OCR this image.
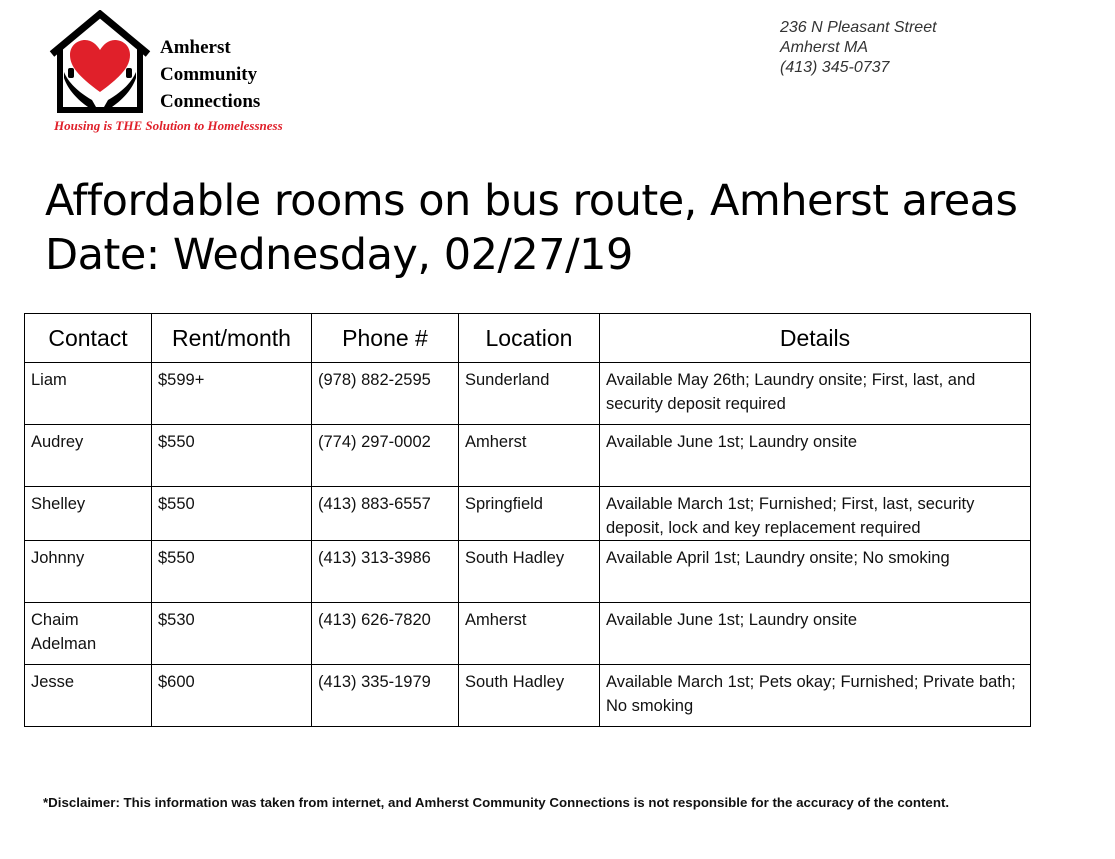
Amherst
Community
Connections
Housing is THE Solution to Homelessness
236 N Pleasant Street
Amherst MA
(413) 345-0737
Affordable rooms on bus route, Amherst areas
Date: Wednesday, 02/27/19
Contact	Rent/month	Phone #	Location	Details
Liam	$599+	(978) 882-2595	Sunderland	Available May 26th; Laundry onsite; First, last, and security deposit required
Audrey	$550	(774) 297-0002	Amherst	Available June 1st; Laundry onsite
Shelley	$550	(413) 883-6557	Springfield	Available March 1st; Furnished; First, last, security deposit, lock and key replacement required
Johnny	$550	(413) 313-3986	South Hadley	Available April 1st; Laundry onsite; No smoking
Chaim Adelman	$530	(413) 626-7820	Amherst	Available June 1st; Laundry onsite
Jesse	$600	(413) 335-1979	South Hadley	Available March 1st; Pets okay; Furnished; Private bath; No smoking
*Disclaimer: This information was taken from internet, and Amherst Community Connections is not responsible for the accuracy of the content.
